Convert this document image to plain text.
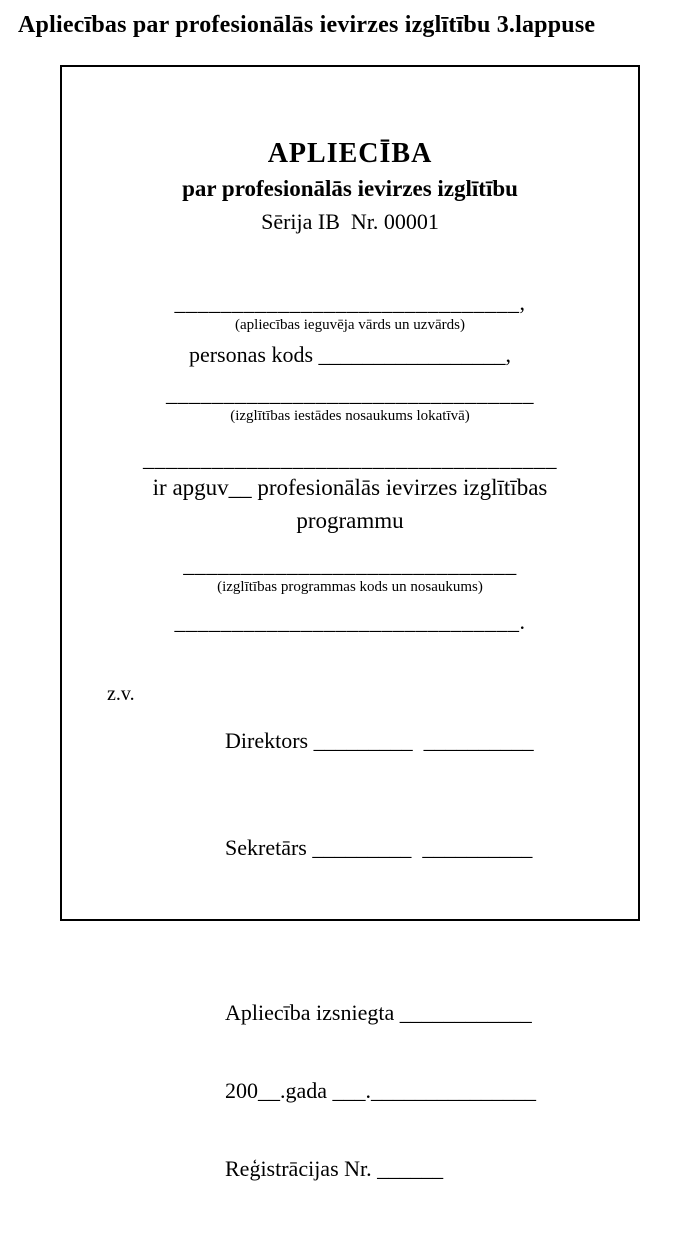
Apliecības par profesionālās ievirzes izglītību 3.lappuse
APLIECĪBA
par profesionālās ievirzes izglītību
Sērija IB  Nr. 00001
______________________________,
(apliecības ieguvēja vārds un uzvārds)
personas kods _________________,
________________________________
(izglītības iestādes nosaukums lokatīvā)
____________________________________
ir apguv__ profesionālās ievirzes izglītības
programmu
_____________________________
(izglītības programmas kods un nosaukums)
______________________________.
z.v.

Direktors _________  __________

Sekretārs _________  __________

Apliecība izsniegta ____________

200__.gada ___._______________

Reģistrācijas Nr. ______
